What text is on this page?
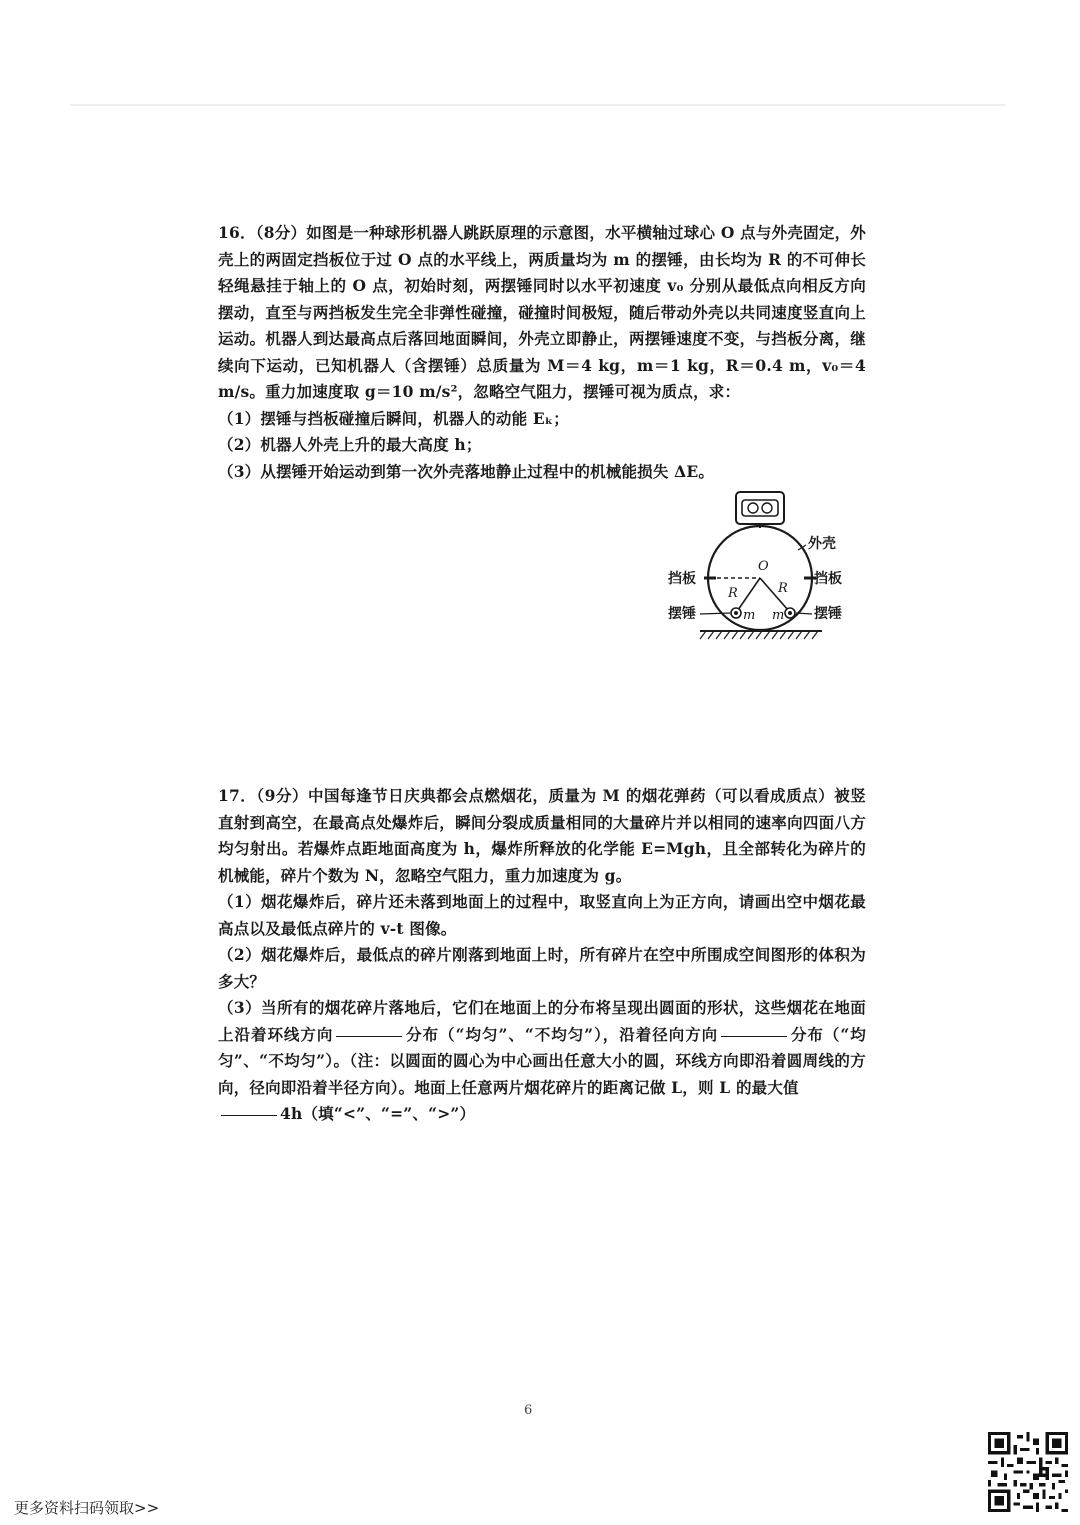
16．（8分）如图是一种球形机器人跳跃原理的示意图，水平横轴过球心 O 点与外壳固定，外壳上的两固定挡板位于过 O 点的水平线上，两质量均为 m 的摆锤，由长均为 R 的不可伸长轻绳悬挂于轴上的 O 点，初始时刻，两摆锤同时以水平初速度 v₀ 分别从最低点向相反方向摆动，直至与两挡板发生完全非弹性碰撞，碰撞时间极短，随后带动外壳以共同速度竖直向上运动。机器人到达最高点后落回地面瞬间，外壳立即静止，两摆锤速度不变，与挡板分离，继续向下运动，已知机器人（含摆锤）总质量为 M＝4 kg，m＝1 kg，R＝0.4 m，v₀＝4 m/s。重力加速度取 g＝10 m/s²，忽略空气阻力，摆锤可视为质点，求：

（1）摆锤与挡板碰撞后瞬间，机器人的动能 Eₖ；

（2）机器人外壳上升的最大高度 h；

（3）从摆锤开始运动到第一次外壳落地静止过程中的机械能损失 ΔE。

外壳
挡板	挡板
摆锤	摆锤
O
R	R
m m

17．（9分）中国每逢节日庆典都会点燃烟花，质量为 M 的烟花弹药（可以看成质点）被竖直射到高空，在最高点处爆炸后，瞬间分裂成质量相同的大量碎片并以相同的速率向四面八方均匀射出。若爆炸点距地面高度为 h，爆炸所释放的化学能 E=Mgh，且全部转化为碎片的机械能，碎片个数为 N，忽略空气阻力，重力加速度为 g。

（1）烟花爆炸后，碎片还未落到地面上的过程中，取竖直向上为正方向，请画出空中烟花最高点以及最低点碎片的 v-t 图像。

（2）烟花爆炸后，最低点的碎片刚落到地面上时，所有碎片在空中所围成空间图形的体积为多大？

（3）当所有的烟花碎片落地后，它们在地面上的分布将呈现出圆面的形状，这些烟花在地面上沿着环线方向	分布（“均匀”、“不均匀”），沿着径向方向	分布（“均匀”、“不均匀”）。（注：以圆面的圆心为中心画出任意大小的圆，环线方向即沿着圆周线的方向，径向即沿着半径方向）。地面上任意两片烟花碎片的距离记做 L，则 L 的最大值
4h（填“<”、“=”、“>”）

6
更多资料扫码领取>>
